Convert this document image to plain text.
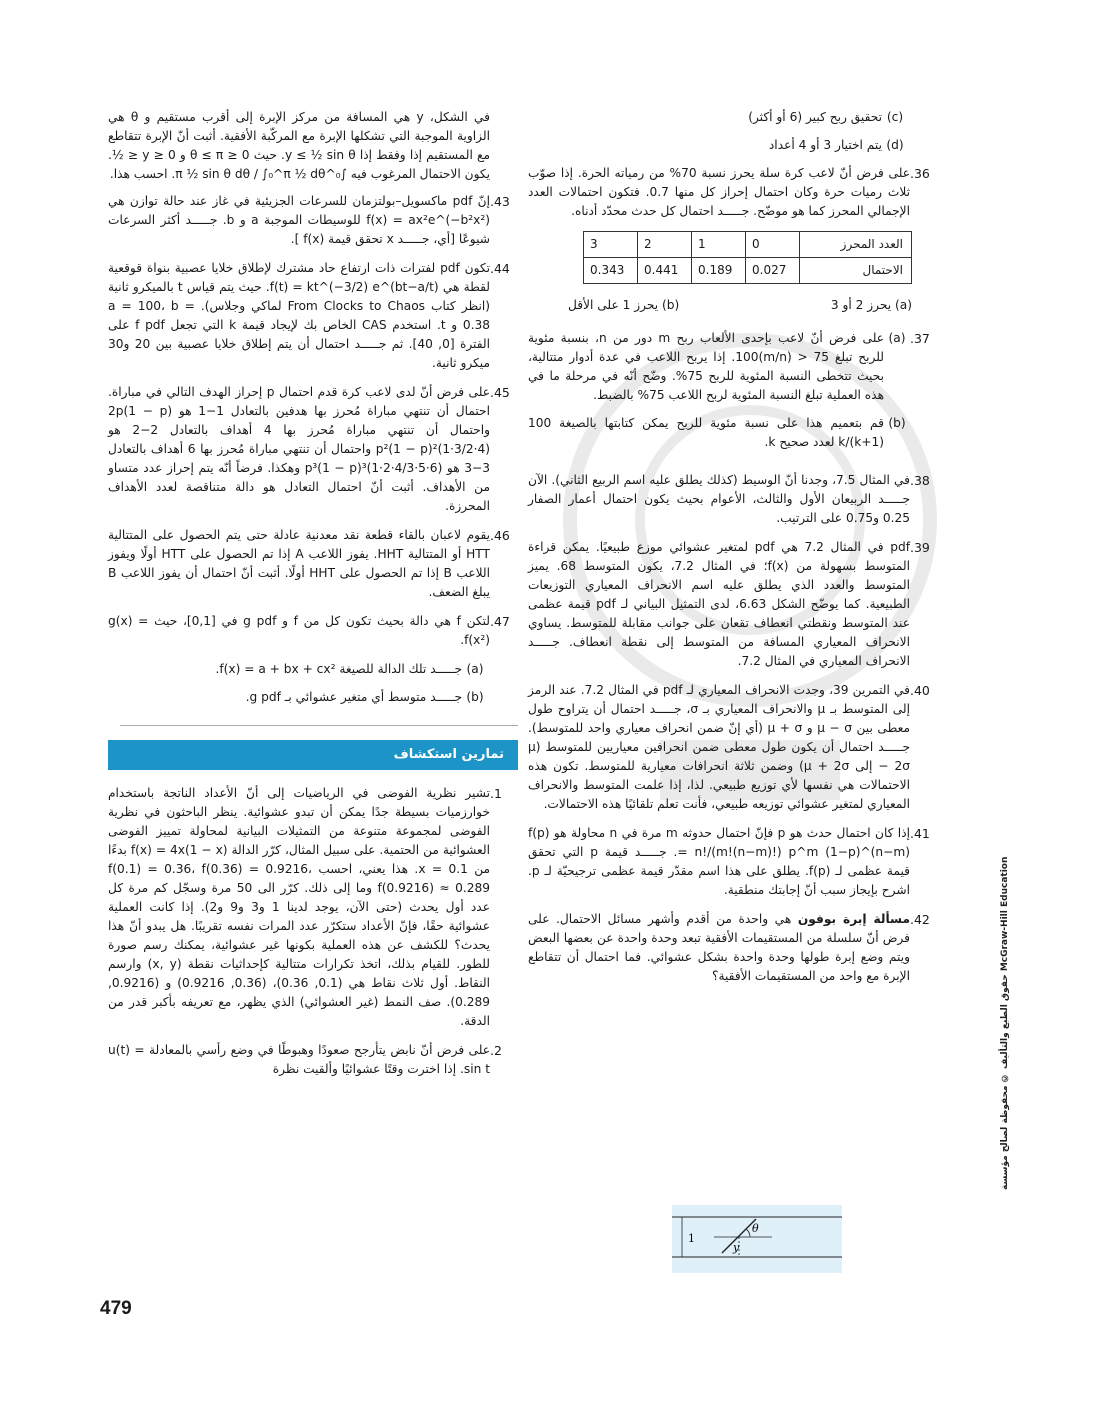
(c)
تحقيق ربح كبير (6 أو أكثر)
(d)
يتم اختيار 3 أو 4 أعداد
36.
على فرض أنّ لاعب كرة سلة يحرز نسبة 70% من رمياته الحرة. إذا صوّب ثلاث رميات حرة وكان احتمال إحراز كل منها 0.7. فتكون احتمالات العدد الإجمالي المحرز كما هو موضّح. جـــــد احتمال كل حدث محدّد أدناه.
3	2	1	0	العدد المحرز
0.343	0.441	0.189	0.027	الاحتمال
(a) يحرز 2 أو 3
(b) يحرز 1 على الأقل
37.
(a)
على فرض أنّ لاعب بإحدى الألعاب ربح m دور من n، بنسبة مئوية للربح تبلغ 75 < (m/n)100. إذا يربح اللاعب في عدة أدوار متتالية، بحيث تتخطى النسبة المئوية للربح 75%. وضّح أنّه في مرحلة ما في هذه العملية تبلغ النسبة المئوية لربح اللاعب 75% بالضبط.
(b)
قم بتعميم هذا على نسبة مئوية للربح يمكن كتابتها بالصيغة 100 k/(k+1) لعدد صحيح k.
38.
في المثال 7.5، وجدنا أنّ الوسيط (كذلك يطلق عليه اسم الربيع الثاني). الآن جـــــد الربيعان الأول والثالث، الأعوام بحيث يكون احتمال أعمار الصفار 0.25 و0.75 على الترتيب.
39.
pdf في المثال 7.2 هي pdf لمتغير عشوائي موزع طبيعيًا. يمكن قراءة المتوسط بسهولة من f(x)؛ في المثال 7.2، يكون المتوسط 68. يميز المتوسط والعدد الذي يطلق عليه اسم الانحراف المعياري التوزيعات الطبيعية. كما يوضّح الشكل 6.63، لدى التمثيل البياني لـ pdf قيمة عظمى عند المتوسط ونقطتي انعطاف تقعان على جوانب مقابلة للمتوسط. يساوي الانحراف المعياري المسافة من المتوسط إلى نقطة انعطاف. جـــــد الانحراف المعياري في المثال 7.2.
40.
في التمرين 39، وجدت الانحراف المعياري لـ pdf في المثال 7.2. عند الرمز إلى المتوسط بـ μ والانحراف المعياري بـ σ، جـــــد احتمال أن يتراوح طول معطى بين μ − σ و μ + σ (أي إنّ ضمن انحراف معياري واحد للمتوسط). جـــــد احتمال أن يكون طول معطى ضمن انحرافين معياريين للمتوسط (μ − 2σ إلى μ + 2σ) وضمن ثلاثة انحرافات معيارية للمتوسط. تكون هذه الاحتمالات هي نفسها لأي توزيع طبيعي. لذا، إذا علمت المتوسط والانحراف المعياري لمتغير عشوائي توزيعه طبيعي، فأنت تعلم تلقائيًا هذه الاحتمالات.
41.
إذا كان احتمال حدث هو p فإنّ احتمال حدوثه m مرة في n محاولة هو f(p) = n!/(m!(n−m)!) p^m (1−p)^(n−m). جـــــد قيمة p التي تحقق قيمة عظمى لـ f(p). يطلق على هذا اسم مقدّر قيمة عظمى ترجيحيّة لـ p. اشرح بإيجاز سبب أنّ إجابتك منطقية.
42.
مسألة إبرة بوفون هي واحدة من أقدم وأشهر مسائل الاحتمال. على فرض أنّ سلسلة من المستقيمات الأفقية تبعد وحدة واحدة عن بعضها البعض ويتم وضع إبرة طولها وحدة واحدة بشكل عشوائي. فما احتمال أن تتقاطع الإبرة مع واحد من المستقيمات الأفقية؟
1
θ
y
في الشكل، y هي المسافة من مركز الإبرة إلى أقرب مستقيم و θ هي الزاوية الموجبة التي تشكلها الإبرة مع المركّبة الأفقية. أثبت أنّ الإبرة تتقاطع مع المستقيم إذا وفقط إذا y ≤ ½ sin θ. حيث 0 ≤ θ ≤ π و 0 ≤ y ≤ ½. يكون الاحتمال المرغوب فيه ∫₀^π ½ sin θ dθ / ∫₀^π ½ dθ. احسب هذا.
43.
إنّ pdf ماكسويل–بولتزمان للسرعات الجزيئية في غاز عند حالة توازن هي f(x) = ax²e^(−b²x²) للوسيطات الموجبة a و b. جـــــد أكثر السرعات شيوعًا [أي، جـــــد x تحقق قيمة f(x) ].
44.
تكون pdf لفترات ذات ارتفاع حاد مشترك لإطلاق خلايا عصبية بنواة قوقعية لقطة هي f(t) = kt^(−3/2) e^(bt−a/t). حيث يتم قياس t بالميكرو ثانية (انظر كتاب From Clocks to Chaos لماكي وجلاس). a = 100، b = 0.38 و t. استخدم CAS الخاص بك لإيجاد قيمة k التي تجعل f pdf على الفترة [0, 40]. ثم جـــــد احتمال أن يتم إطلاق خلايا عصبية بين 20 و30 ميكرو ثانية.
45.
على فرض أنّ لدى لاعب كرة قدم احتمال p إحراز الهدف التالي في مباراة. احتمال أن تنتهي مباراة مُحرز بها هدفين بالتعادل 1−1 هو 2p(1 − p) واحتمال أن تنتهي مباراة مُحرز بها 4 أهداف بالتعادل 2−2 هو (4·3/2·1)p²(1 − p)² واحتمال أن تنتهي مباراة مُحرز بها 6 أهداف بالتعادل 3−3 هو (6·5·4/3·2·1)p³(1 − p)³ وهكذا. فرضاً أنّه يتم إحراز عدد متساو من الأهداف. أثبت أنّ احتمال التعادل هو دالة متناقصة لعدد الأهداف المحرزة.
46.
يقوم لاعبان بالقاء قطعة نقد معدنية عادلة حتى يتم الحصول على المتتالية HTT أو المتتالية HHT. يفوز اللاعب A إذا تم الحصول على HTT أولًا ويفوز اللاعب B إذا تم الحصول على HHT أولًا. أثبت أنّ احتمال أن يفوز اللاعب B يبلغ الضعف.
47.
لتكن f هي دالة بحيث تكون كل من f و g pdf في [0,1]، حيث g(x) = f(x²).
(a)
جـــــد تلك الدالة للصيغة f(x) = a + bx + cx².
(b)
جـــــد متوسط أي متغير عشوائي بـ g pdf.
تمارين استكشاف
1.
تشير نظرية الفوضى في الرياضيات إلى أنّ الأعداد الناتجة باستخدام خوارزميات بسيطة جدًا يمكن أن تبدو عشوائية. ينظر الباحثون في نظرية الفوضى لمجموعة متنوعة من التمثيلات البيانية لمحاولة تمييز الفوضى العشوائية من الحتمية. على سبيل المثال، كرّر الدالة f(x) = 4x(1 − x) بدءًا من x = 0.1. هذا يعني، احسب f(0.1) = 0.36، f(0.36) = 0.9216، f(0.9216) ≈ 0.289 وما إلى ذلك. كرّر الى 50 مرة وسجّل كم مرة كل عدد أول يحدث (حتى الآن، يوجد لدينا 1 و3 و9 و2). إذا كانت العملية عشوائية حقًا، فإنّ الأعداد ستكرّر عدد المرات نفسه تقريبًا. هل يبدو أنّ هذا يحدث؟ للكشف عن هذه العملية بكونها غير عشوائية، يمكنك رسم صورة للطور. للقيام بذلك، اتخذ تكرارات متتالية كإحداثيات نقطة (x, y) وارسم النقاط. أول ثلاث نقاط هي (0.1, 0.36)، (0.36, 0.9216) و (0.9216, 0.289). صف النمط (غير العشوائي) الذي يظهر، مع تعريفه بأكبر قدر من الدقة.
2.
على فرض أنّ نابض يتأرجح صعودًا وهبوطًا في وضع رأسي بالمعادلة u(t) = sin t. إذا اخترت وقتًا عشوائيًا وألقيت نظرة	حقوق الطبع والتأليف © محفوظة لصالح مؤسسة McGraw-Hill Education
479
